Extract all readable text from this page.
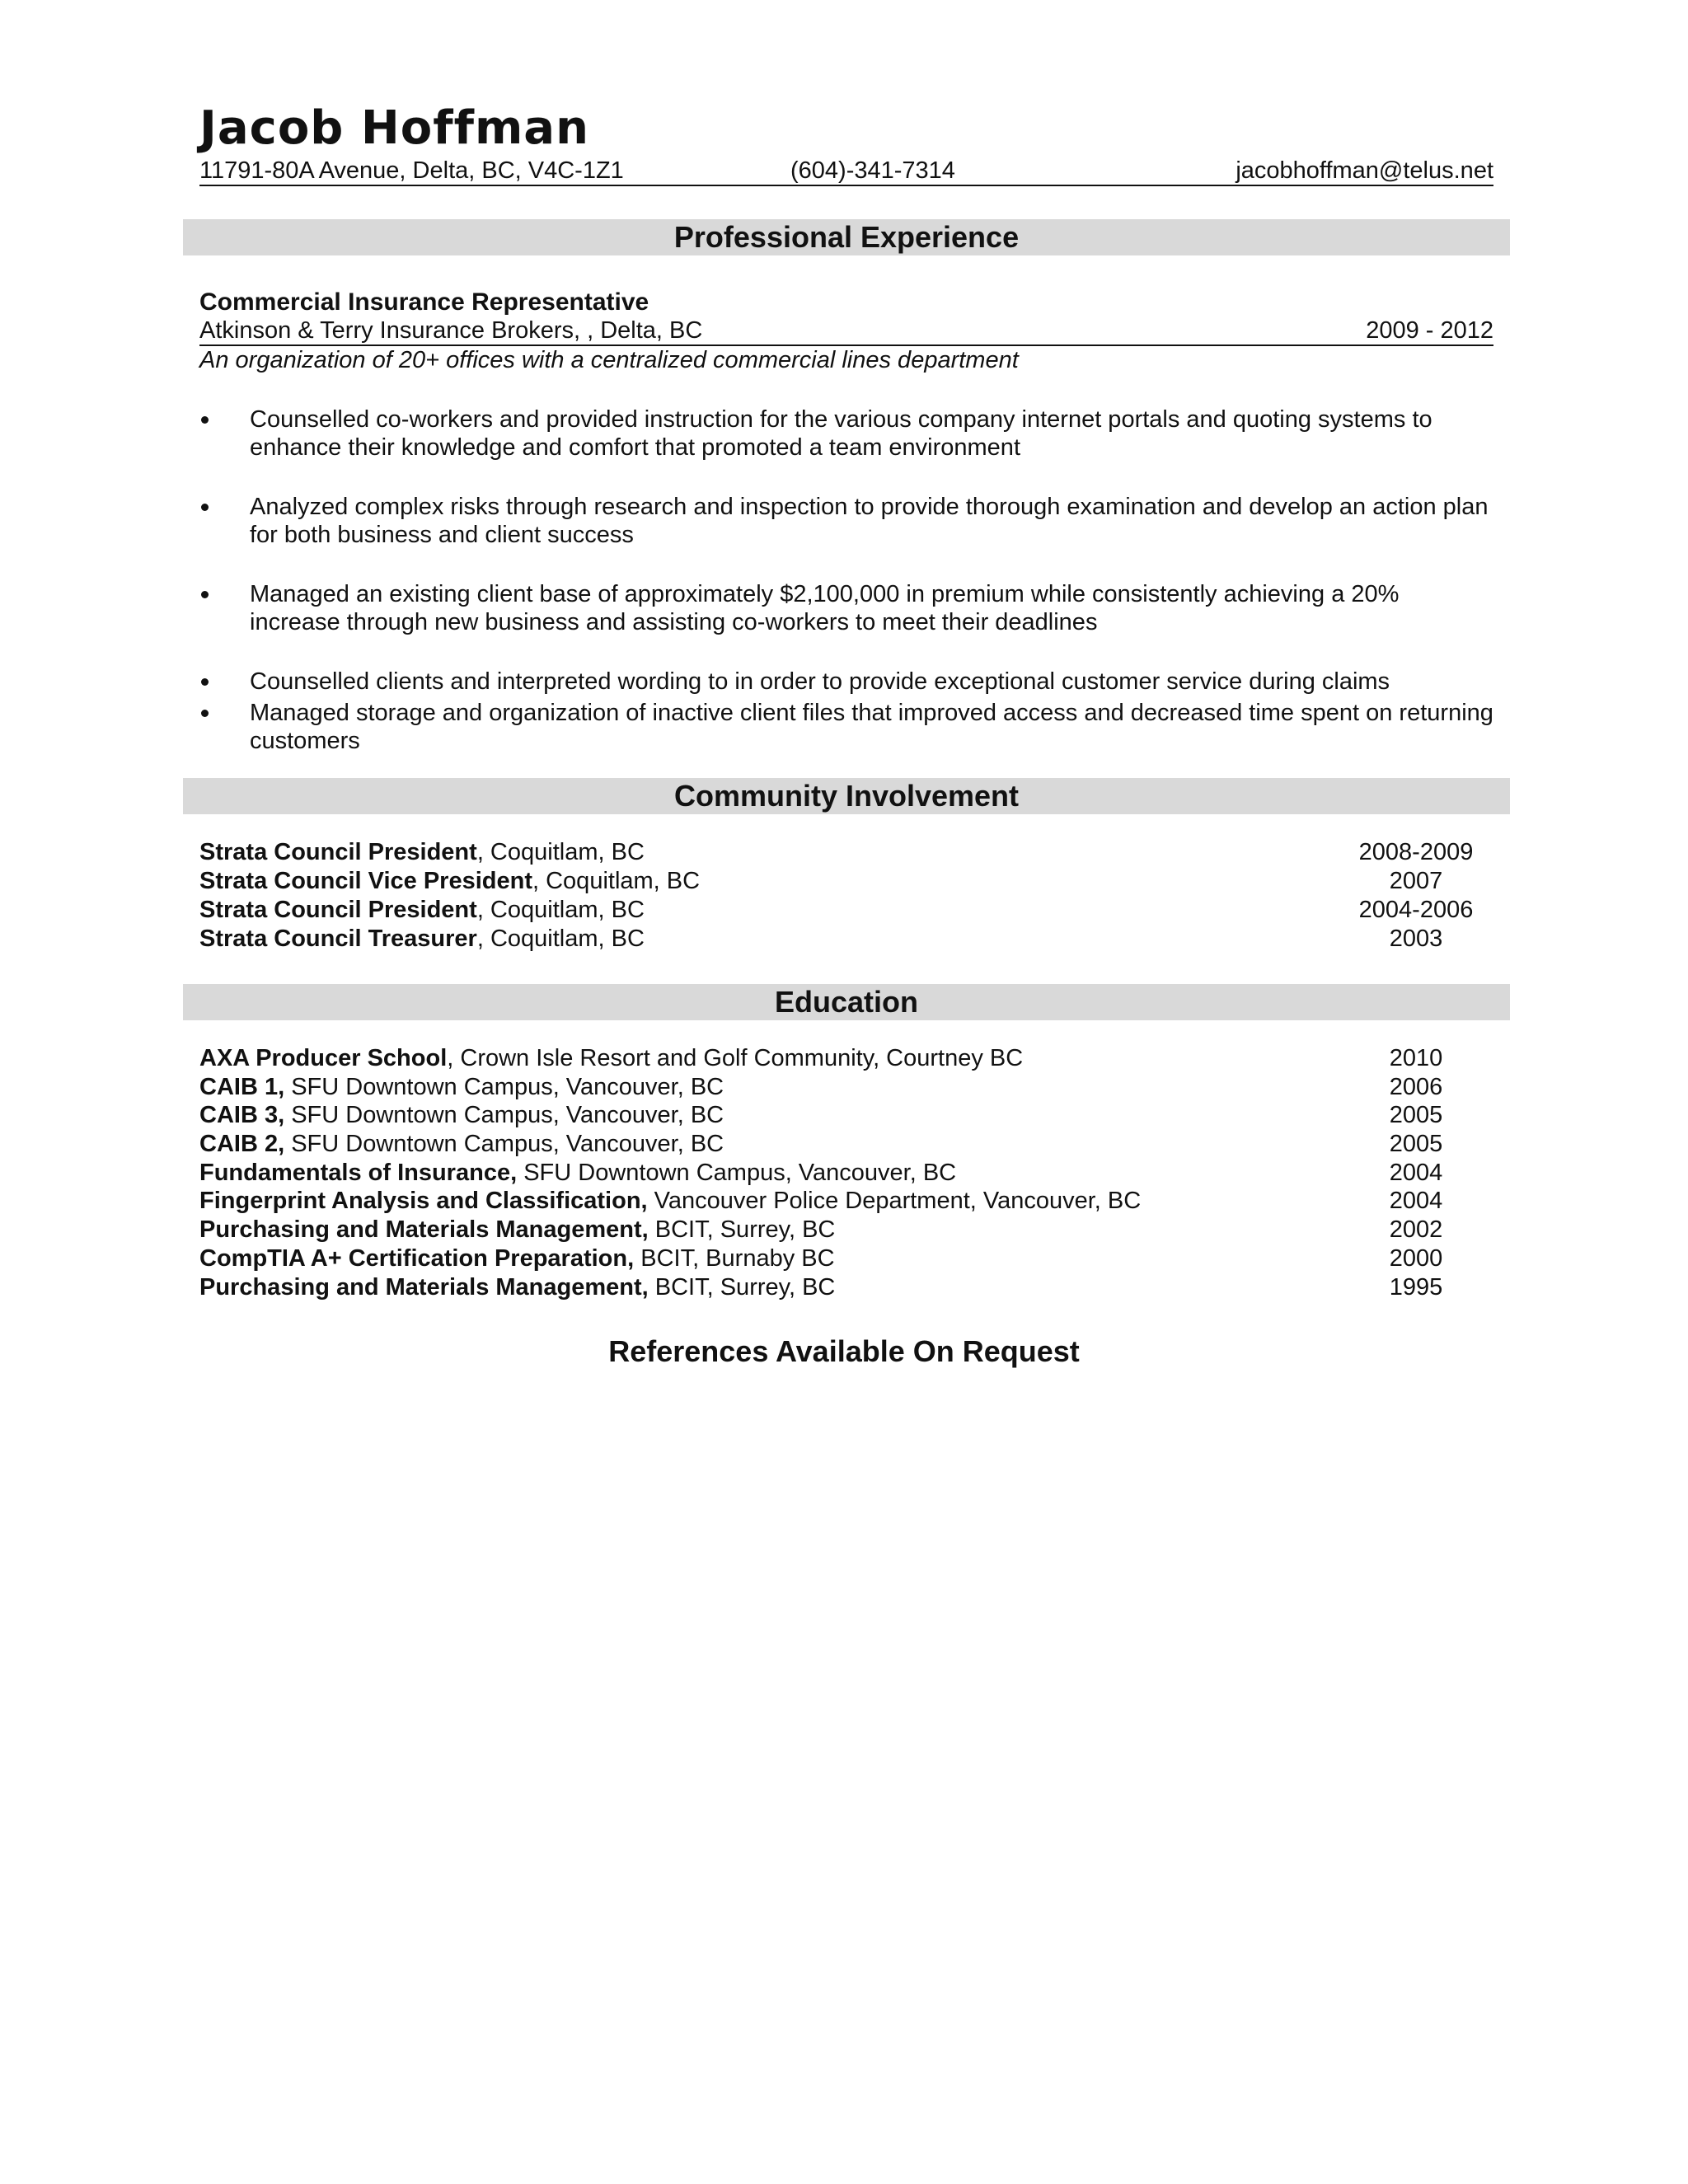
Jacob Hoffman
11791-80A Avenue, Delta, BC, V4C-1Z1	(604)-341-7314	jacobhoffman@telus.net
Professional Experience
Commercial Insurance Representative
Atkinson & Terry Insurance Brokers, , Delta, BC	2009 - 2012
An organization of 20+ offices with a centralized commercial lines department
Counselled co-workers and provided instruction for the various company internet portals and quoting systems to enhance their knowledge and comfort that promoted a team environment
Analyzed complex risks through research and inspection to provide thorough examination and develop an action plan for both business and client success
Managed an existing client base of approximately $2,100,000 in premium while consistently achieving a 20% increase through new business and assisting co-workers to meet their deadlines
Counselled clients and interpreted wording to in order to provide exceptional customer service during claims
Managed storage and organization of inactive client files that improved access and decreased time spent on returning customers
Community Involvement
Strata Council President, Coquitlam, BC	2008-2009
Strata Council Vice President, Coquitlam, BC	2007
Strata Council President, Coquitlam, BC	2004-2006
Strata Council Treasurer, Coquitlam, BC	2003
Education
AXA Producer School, Crown Isle Resort and Golf Community, Courtney BC	2010
CAIB 1, SFU Downtown Campus, Vancouver, BC	2006
CAIB 3, SFU Downtown Campus, Vancouver, BC	2005
CAIB 2, SFU Downtown Campus, Vancouver, BC	2005
Fundamentals of Insurance, SFU Downtown Campus, Vancouver, BC	2004
Fingerprint Analysis and Classification, Vancouver Police Department, Vancouver, BC	2004
Purchasing and Materials Management, BCIT, Surrey, BC	2002
CompTIA A+ Certification Preparation, BCIT, Burnaby BC	2000
Purchasing and Materials Management, BCIT, Surrey, BC	1995
References Available On Request
